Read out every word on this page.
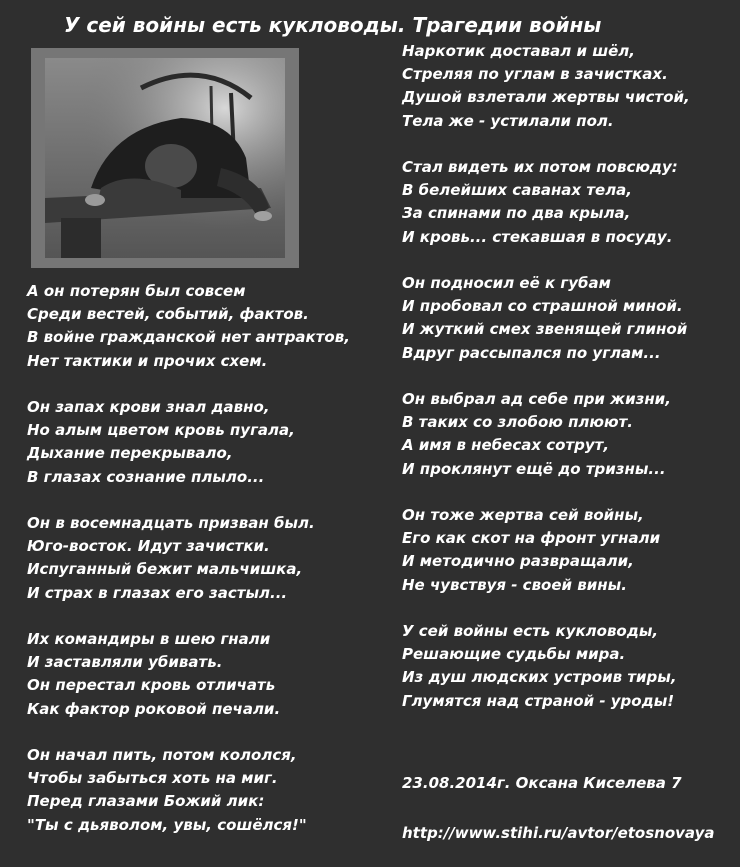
У сей войны есть кукловоды. Трагедии войны
А он потерян был совсем
Среди вестей, событий, фактов.
В войне гражданской нет антрактов,
Нет тактики и прочих схем.
Он запах крови знал давно,
Но алым цветом кровь пугала,
Дыхание перекрывало,
В глазах сознание плыло...
Он в восемнадцать призван был.
Юго-восток. Идут зачистки.
Испуганный бежит мальчишка,
И страх в глазах его застыл...
Их командиры в шею гнали
И заставляли убивать.
Он перестал кровь отличать
Как фактор роковой печали.
Он начал пить, потом кололся,
Чтобы забыться хоть на миг.
Перед глазами Божий лик:
"Ты с дьяволом, увы, сошёлся!"
Наркотик доставал и шёл,
Стреляя по углам в зачистках.
Душой взлетали жертвы чистой,
Тела же - устилали пол.
Стал видеть их потом повсюду:
В белейших саванах тела,
За спинами по два крыла,
И кровь... стекавшая в посуду.
Он подносил её к губам
И пробовал со страшной миной.
И жуткий смех звенящей глиной
Вдруг рассыпался по углам...
Он выбрал ад себе при жизни,
В таких со злобою плюют.
А имя в небесах сотрут,
И проклянут ещё до тризны...
Он тоже жертва сей войны,
Его как скот на фронт угнали
И методично развращали,
Не чувствуя - своей вины.
У сей войны есть кукловоды,
Решающие судьбы мира.
Из душ людских устроив тиры,
Глумятся над страной - уроды!
23.08.2014г. Оксана Киселева 7
http://www.stihi.ru/avtor/etosnovaya
